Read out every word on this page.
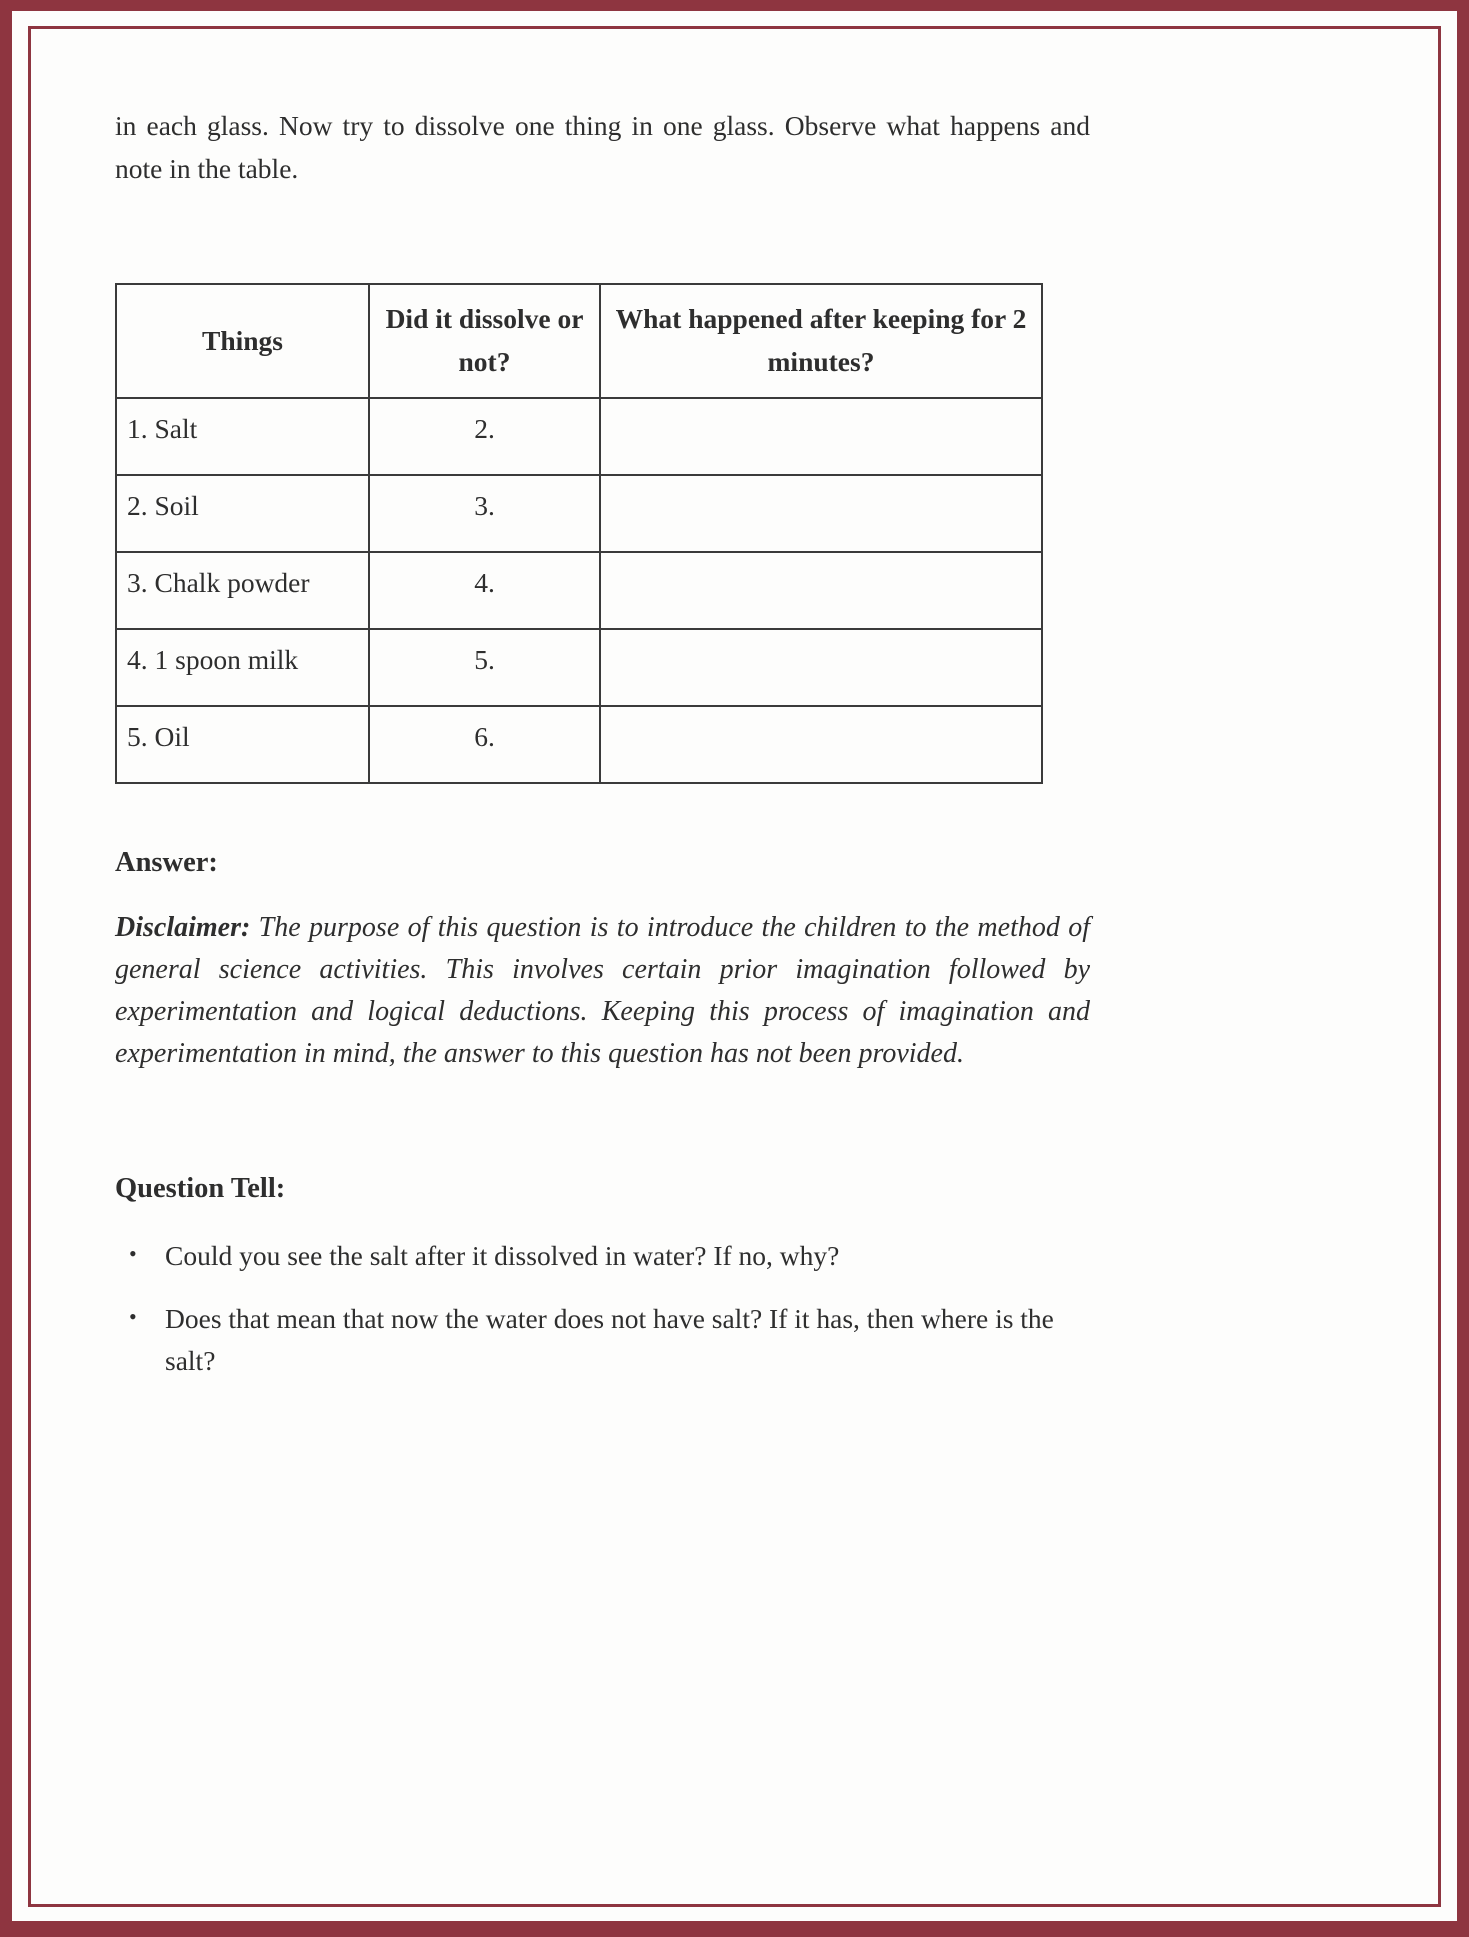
in each glass. Now try to dissolve one thing in one glass. Observe what happens and note in the table.

Things	Did it dissolve or not?	What happened after keeping for 2 minutes?
1. Salt	2.	
2. Soil	3.	
3. Chalk powder	4.	
4. 1 spoon milk	5.	
5. Oil	6.	

Answer:

Disclaimer: The purpose of this question is to introduce the children to the method of general science activities. This involves certain prior imagination followed by experimentation and logical deductions. Keeping this process of imagination and experimentation in mind, the answer to this question has not been provided.

Question Tell:

• Could you see the salt after it dissolved in water? If no, why?
• Does that mean that now the water does not have salt? If it has, then where is the salt?
